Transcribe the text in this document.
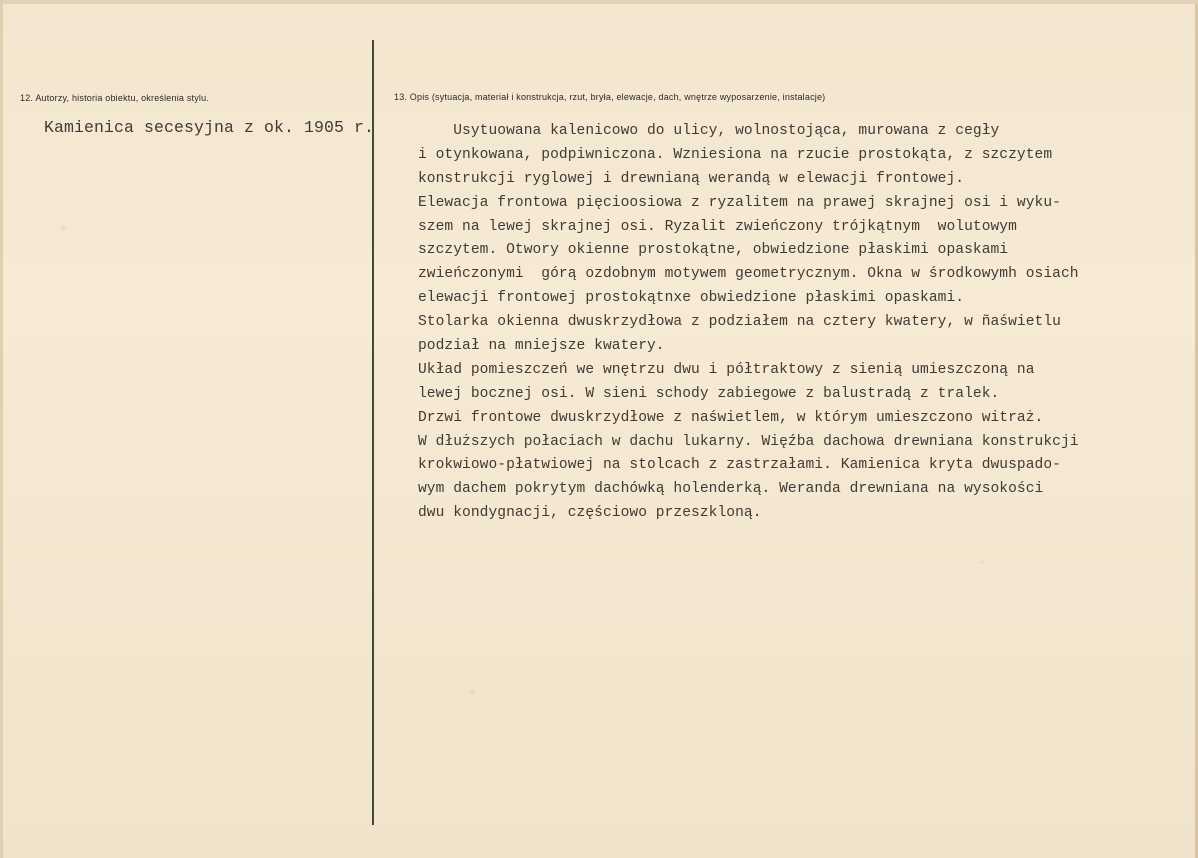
12. Autorzy, historia obiektu, określenia stylu.
Kamienica secesyjna z ok. 1905 r.
13. Opis (sytuacja, materiał i konstrukcja, rzut, bryła, elewacje, dach, wnętrze wyposarzenie, instalacje)
Usytuowana kalenicowo do ulicy, wolnostojąca, murowana z cegły
i otynkowana, podpiwniczona. Wzniesiona na rzucie prostokąta, z szczytem
konstrukcji ryglowej i drewnianą werandą w elewacji frontowej.
Elewacja frontowa pięcioosiowa z ryzalitem na prawej skrajnej osi i wyku-
szem na lewej skrajnej osi. Ryzalit zwieńczony trójkątnym  wolutowym
szczytem. Otwory okienne prostokątne, obwiedzione płaskimi opaskami
zwieńczonymi  górą ozdobnym motywem geometrycznym. Okna w środkowymh osiach
elewacji frontowej prostokątnxe obwiedzione płaskimi opaskami.
Stolarka okienna dwuskrzydłowa z podziałem na cztery kwatery, w ñaświetlu
podział na mniejsze kwatery.
Układ pomieszczeń we wnętrzu dwu i półtraktowy z sienią umieszczoną na
lewej bocznej osi. W sieni schody zabiegowe z balustradą z tralek.
Drzwi frontowe dwuskrzydłowe z naświetlem, w którym umieszczono witraż.
W dłuższych połaciach w dachu lukarny. Więźba dachowa drewniana konstrukcji
krokwiowo-płatwiowej na stolcach z zastrzałami. Kamienica kryta dwuspado-
wym dachem pokrytym dachówką holenderką. Weranda drewniana na wysokości
dwu kondygnacji, częściowo przeszkloną.
